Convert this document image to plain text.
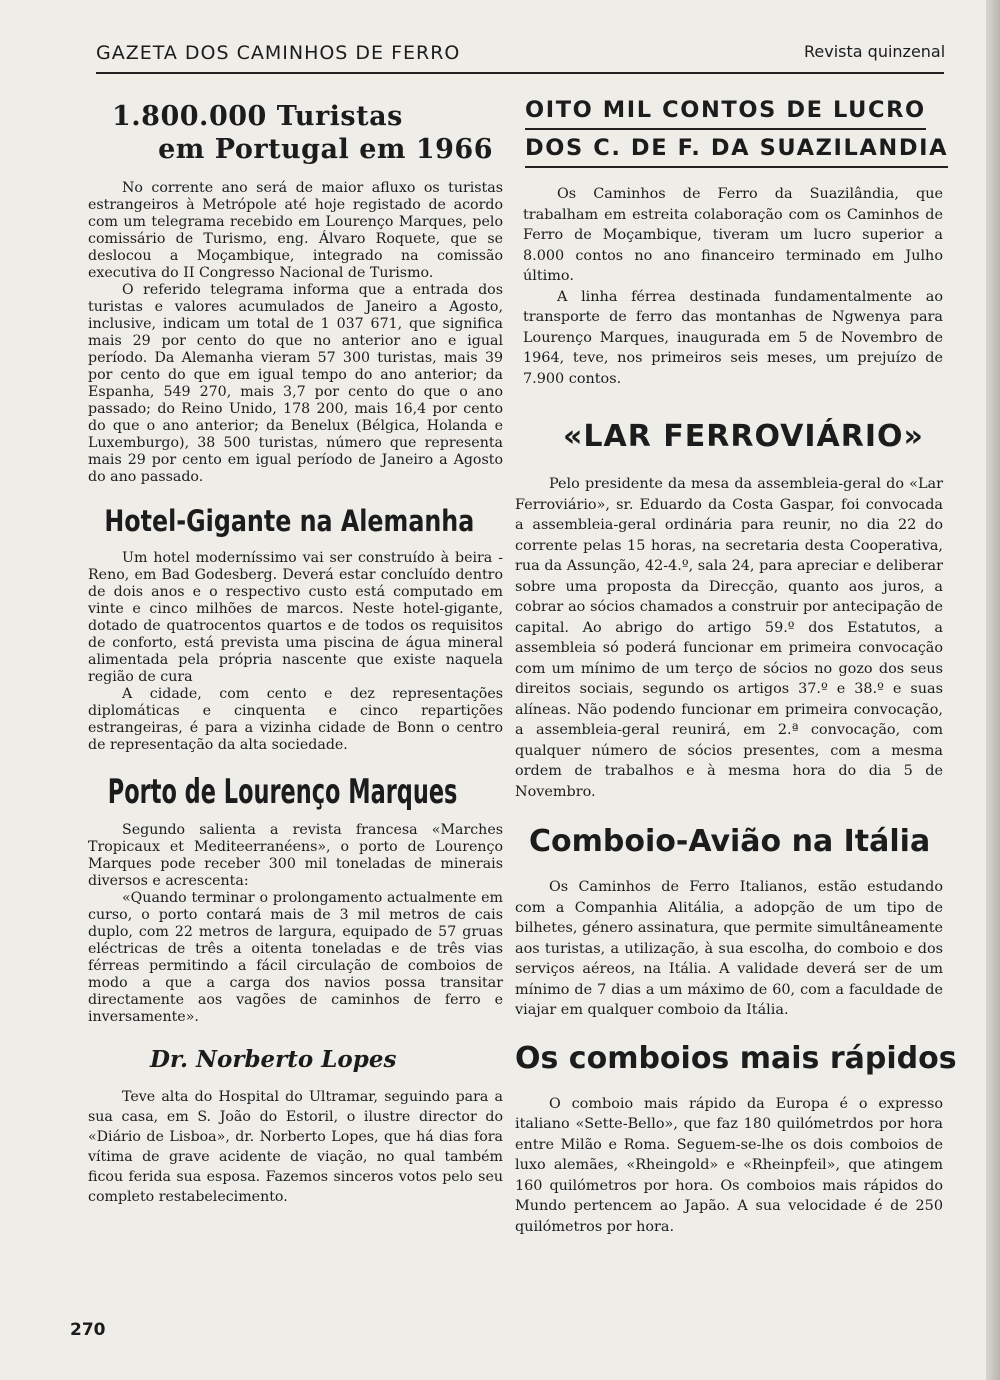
GAZETA DOS CAMINHOS DE FERRO	Revista quinzenal
1.800.000 Turistas
em Portugal em 1966

No corrente ano será de maior afluxo os turistas estrangeiros à Metrópole até hoje registado de acordo com um telegrama recebido em Lourenço Marques, pelo comissário de Turismo, eng. Álvaro Roquete, que se deslocou a Moçambique, integrado na comissão executiva do II Congresso Nacional de Turismo.
O referido telegrama informa que a entrada dos turistas e valores acumulados de Janeiro a Agosto, inclusive, indicam um total de 1 037 671, que significa mais 29 por cento do que no anterior ano e igual período. Da Alemanha vieram 57 300 turistas, mais 39 por cento do que em igual tempo do ano anterior; da Espanha, 549 270, mais 3,7 por cento do que o ano passado; do Reino Unido, 178 200, mais 16,4 por cento do que o ano anterior; da Benelux (Bélgica, Holanda e Luxemburgo), 38 500 turistas, número que representa mais 29 por cento em igual período de Janeiro a Agosto do ano passado.

Hotel-Gigante na Alemanha

Um hotel moderníssimo vai ser construído à beira - Reno, em Bad Godesberg. Deverá estar concluído dentro de dois anos e o respectivo custo está computado em vinte e cinco milhões de marcos. Neste hotel-gigante, dotado de quatrocentos quartos e de todos os requisitos de conforto, está prevista uma piscina de água mineral alimentada pela própria nascente que existe naquela região de cura
A cidade, com cento e dez representações diplomáticas e cinquenta e cinco repartições estrangeiras, é para a vizinha cidade de Bonn o centro de representação da alta sociedade.

Porto de Lourenço Marques

Segundo salienta a revista francesa «Marches Tropicaux et Mediteerranéens», o porto de Lourenço Marques pode receber 300 mil toneladas de minerais diversos e acrescenta:
«Quando terminar o prolongamento actualmente em curso, o porto contará mais de 3 mil metros de cais duplo, com 22 metros de largura, equipado de 57 gruas eléctricas de três a oitenta toneladas e de três vias férreas permitindo a fácil circulação de comboios de modo a que a carga dos navios possa transitar directamente aos vagões de caminhos de ferro e inversamente».

Dr. Norberto Lopes

Teve alta do Hospital do Ultramar, seguindo para a sua casa, em S. João do Estoril, o ilustre director do «Diário de Lisboa», dr. Norberto Lopes, que há dias fora vítima de grave acidente de viação, no qual também ficou ferida sua esposa. Fazemos sinceros votos pelo seu completo restabelecimento.

OITO MIL CONTOS DE LUCRO
DOS C. DE F. DA SUAZILANDIA

Os Caminhos de Ferro da Suazilândia, que trabalham em estreita colaboração com os Caminhos de Ferro de Moçambique, tiveram um lucro superior a 8.000 contos no ano financeiro terminado em Julho último.
A linha férrea destinada fundamentalmente ao transporte de ferro das montanhas de Ngwenya para Lourenço Marques, inaugurada em 5 de Novembro de 1964, teve, nos primeiros seis meses, um prejuízo de 7.900 contos.

«LAR FERROVIÁRIO»

Pelo presidente da mesa da assembleia-geral do «Lar Ferroviário», sr. Eduardo da Costa Gaspar, foi convocada a assembleia-geral ordinária para reunir, no dia 22 do corrente pelas 15 horas, na secretaria desta Cooperativa, rua da Assunção, 42-4.º, sala 24, para apreciar e deliberar sobre uma proposta da Direcção, quanto aos juros, a cobrar ao sócios chamados a construir por antecipação de capital. Ao abrigo do artigo 59.º dos Estatutos, a assembleia só poderá funcionar em primeira convocação com um mínimo de um terço de sócios no gozo dos seus direitos sociais, segundo os artigos 37.º e 38.º e suas alíneas. Não podendo funcionar em primeira convocação, a assembleia-geral reunirá, em 2.ª convocação, com qualquer número de sócios presentes, com a mesma ordem de trabalhos e à mesma hora do dia 5 de Novembro.

Comboio-Avião na Itália

Os Caminhos de Ferro Italianos, estão estudando com a Companhia Alitália, a adopção de um tipo de bilhetes, género assinatura, que permite simultâneamente aos turistas, a utilização, à sua escolha, do comboio e dos serviços aéreos, na Itália. A validade deverá ser de um mínimo de 7 dias a um máximo de 60, com a faculdade de viajar em qualquer comboio da Itália.

Os comboios mais rápidos

O comboio mais rápido da Europa é o expresso italiano «Sette-Bello», que faz 180 quilómetrdos por hora entre Milão e Roma. Seguem-se-lhe os dois comboios de luxo alemães, «Rheingold» e «Rheinpfeil», que atingem 160 quilómetros por hora. Os comboios mais rápidos do Mundo pertencem ao Japão. A sua velocidade é de 250 quilómetros por hora.

270
